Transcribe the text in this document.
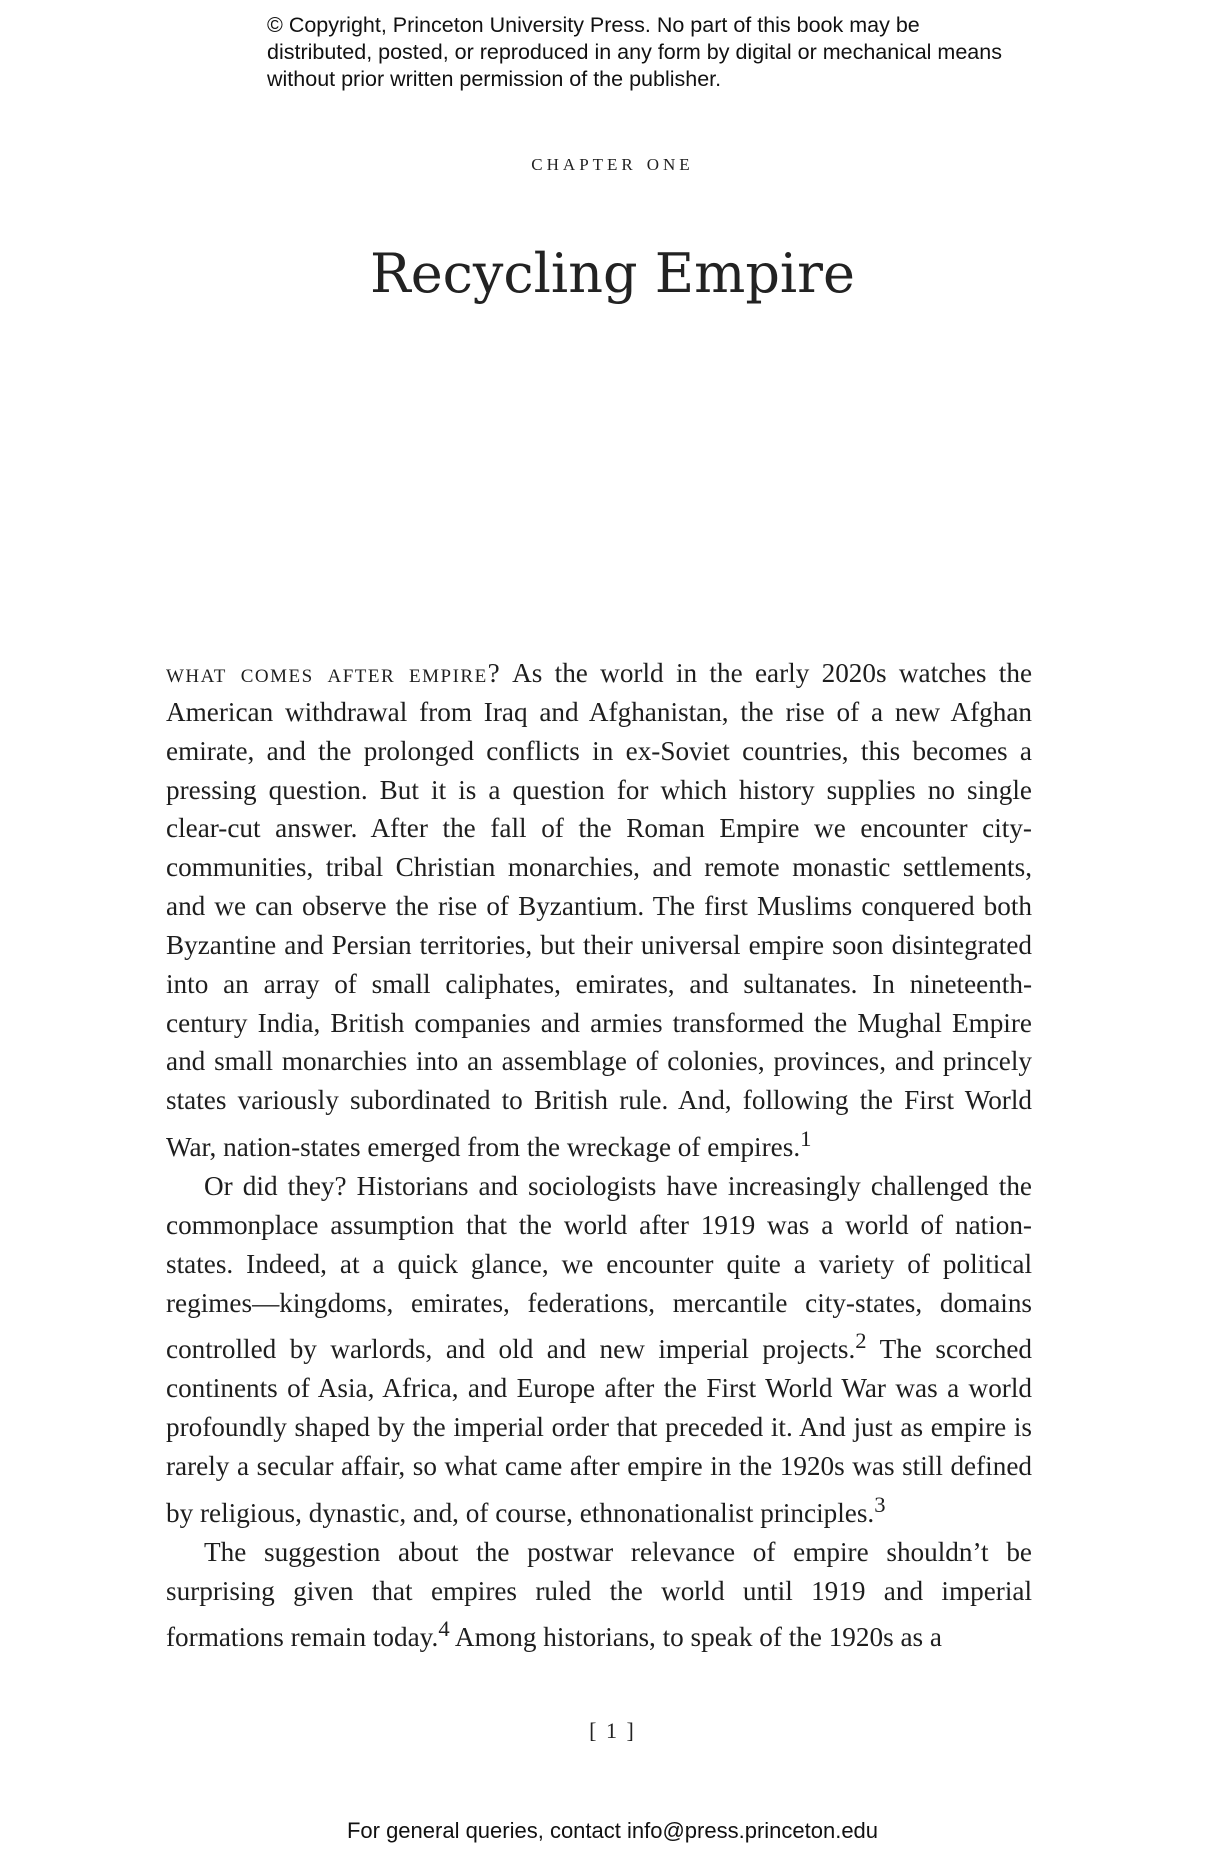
© Copyright, Princeton University Press. No part of this book may be distributed, posted, or reproduced in any form by digital or mechanical means without prior written permission of the publisher.
chapter one
Recycling Empire

what comes after empire? As the world in the early 2020s watches the American withdrawal from Iraq and Afghanistan, the rise of a new Afghan emirate, and the prolonged conflicts in ex-Soviet countries, this becomes a pressing question. But it is a question for which history supplies no single clear-cut answer. After the fall of the Roman Empire we encounter city-communities, tribal Christian monarchies, and remote monastic settlements, and we can observe the rise of Byzantium. The first Muslims conquered both Byzantine and Persian territories, but their universal empire soon disintegrated into an array of small caliphates, emirates, and sultanates. In nineteenth-century India, British companies and armies transformed the Mughal Empire and small monarchies into an assemblage of colonies, provinces, and princely states variously subordinated to British rule. And, following the First World War, nation-states emerged from the wreckage of empires.$^1$

Or did they? Historians and sociologists have increasingly challenged the commonplace assumption that the world after 1919 was a world of nation-states. Indeed, at a quick glance, we encounter quite a variety of political regimes—kingdoms, emirates, federations, mercantile city-states, domains controlled by warlords, and old and new imperial projects.$^2$ The scorched continents of Asia, Africa, and Europe after the First World War was a world profoundly shaped by the imperial order that preceded it. And just as empire is rarely a secular affair, so what came after empire in the 1920s was still defined by religious, dynastic, and, of course, ethnonationalist principles.$^3$

The suggestion about the postwar relevance of empire shouldn’t be surprising given that empires ruled the world until 1919 and imperial formations remain today.$^4$ Among historians, to speak of the 1920s as a

[ 1 ]
For general queries, contact info@press.princeton.edu
